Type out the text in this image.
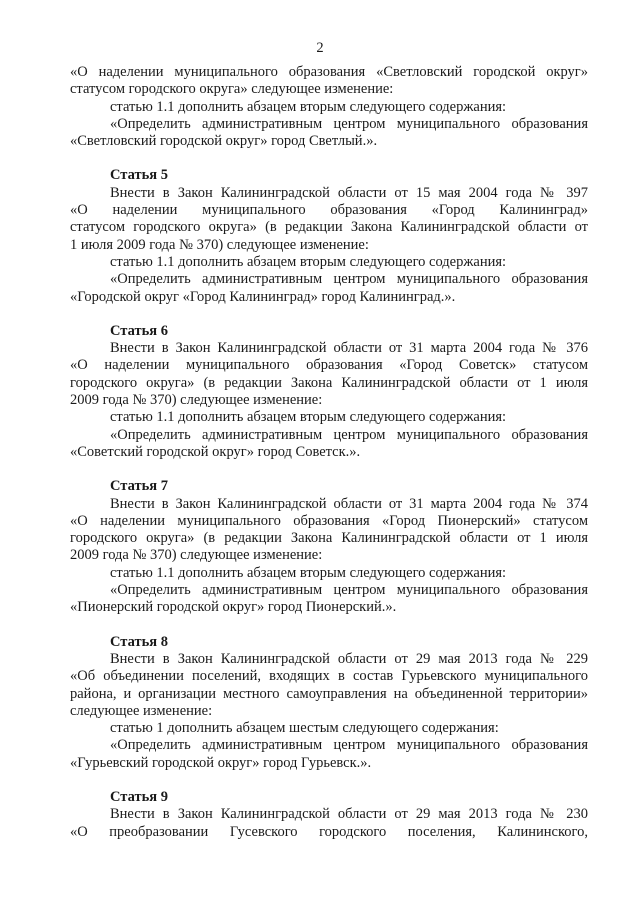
2

«О наделении муниципального образования «Светловский городской округ»

статусом городского округа» следующее изменение:

статью 1.1 дополнить абзацем вторым следующего содержания:

«Определить административным центром муниципального образования

«Светловский городской округ» город Светлый.».

Статья 5

Внести в Закон Калининградской области от 15 мая 2004 года № 397

«О наделении муниципального образования «Город Калининград»

статусом городского округа» (в редакции Закона Калининградской области от

1 июля 2009 года № 370) следующее изменение:

статью 1.1 дополнить абзацем вторым следующего содержания:

«Определить административным центром муниципального образования

«Городской округ «Город Калининград» город Калининград.».

Статья 6

Внести в Закон Калининградской области от 31 марта 2004 года № 376

«О наделении муниципального образования «Город Советск» статусом

городского округа» (в редакции Закона Калининградской области от 1 июля

2009 года № 370) следующее изменение:

статью 1.1 дополнить абзацем вторым следующего содержания:

«Определить административным центром муниципального образования

«Советский городской округ» город Советск.».

Статья 7

Внести в Закон Калининградской области от 31 марта 2004 года № 374

«О наделении муниципального образования «Город Пионерский» статусом

городского округа» (в редакции Закона Калининградской области от 1 июля

2009 года № 370) следующее изменение:

статью 1.1 дополнить абзацем вторым следующего содержания:

«Определить административным центром муниципального образования

«Пионерский городской округ» город Пионерский.».

Статья 8

Внести в Закон Калининградской области от 29 мая 2013 года № 229

«Об объединении поселений, входящих в состав Гурьевского муниципального

района, и организации местного самоуправления на объединенной территории»

следующее изменение:

статью 1 дополнить абзацем шестым следующего содержания:

«Определить административным центром муниципального образования

«Гурьевский городской округ» город Гурьевск.».

Статья 9

Внести в Закон Калининградской области от 29 мая 2013 года № 230

«О преобразовании Гусевского городского поселения, Калининского,
